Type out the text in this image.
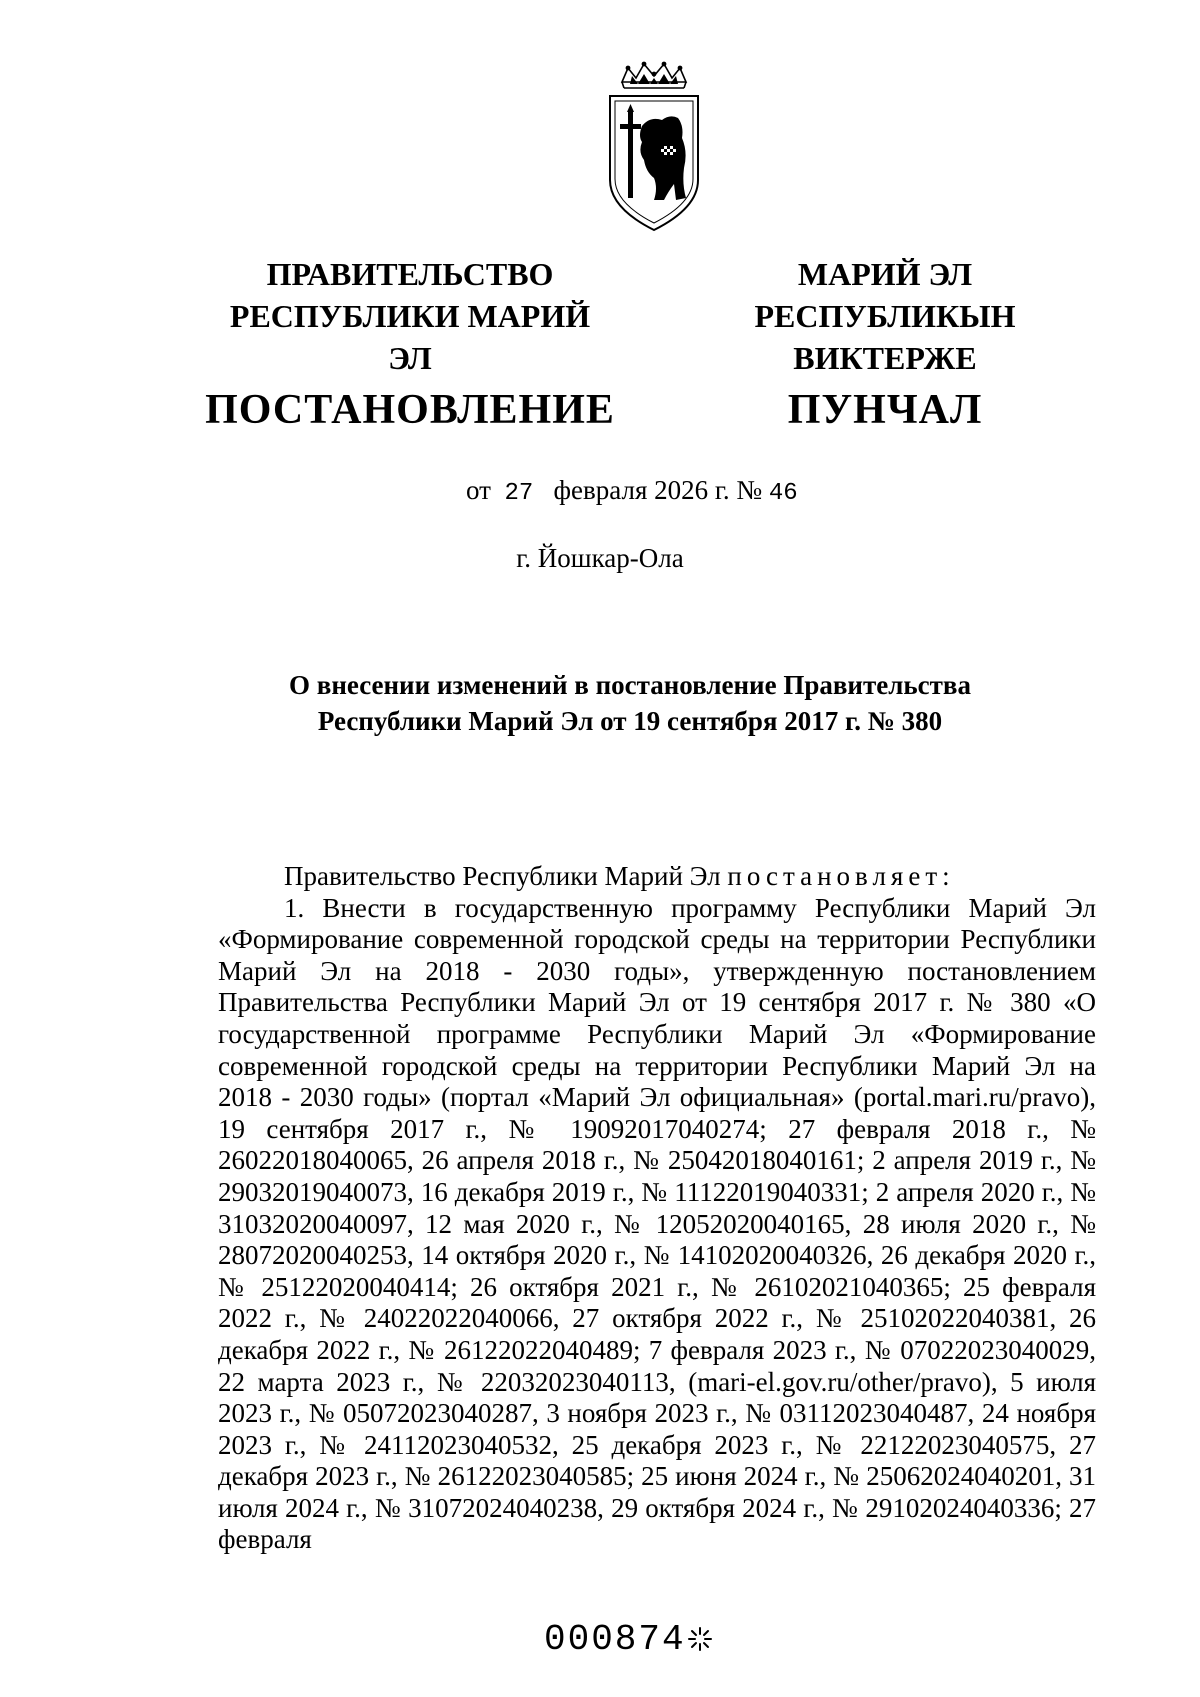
ПРАВИТЕЛЬСТВО
РЕСПУБЛИКИ МАРИЙ ЭЛ
ПОСТАНОВЛЕНИЕ
МАРИЙ ЭЛ РЕСПУБЛИКЫН
ВИКТЕРЖЕ
ПУНЧАЛ
от 27 февраля 2026 г. № 46
г. Йошкар-Ола
О внесении изменений в постановление Правительства
Республики Марий Эл от 19 сентября 2017 г. № 380

Правительство Республики Марий Эл постановляет:

1. Внести в государственную программу Республики Марий Эл «Формирование современной городской среды на территории Республики Марий Эл на 2018 - 2030 годы», утвержденную постановлением Правительства Республики Марий Эл от 19 сентября 2017 г. № 380 «О государственной программе Республики Марий Эл «Формирование современной городской среды на территории Республики Марий Эл на 2018 - 2030 годы» (портал «Марий Эл официальная» (portal.mari.ru/pravo), 19 сентября 2017 г., № 19092017040274; 27 февраля 2018 г., № 26022018040065, 26 апреля 2018 г., № 25042018040161; 2 апреля 2019 г., № 29032019040073, 16 декабря 2019 г., № 11122019040331; 2 апреля 2020 г., № 31032020040097, 12 мая 2020 г., № 12052020040165, 28 июля 2020 г., № 28072020040253, 14 октября 2020 г., № 14102020040326, 26 декабря 2020 г., № 25122020040414; 26 октября 2021 г., № 26102021040365; 25 февраля 2022 г., № 24022022040066, 27 октября 2022 г., № 25102022040381, 26 декабря 2022 г., № 26122022040489; 7 февраля 2023 г., № 07022023040029, 22 марта 2023 г., № 22032023040113, (mari-el.gov.ru/other/pravo), 5 июля 2023 г., № 05072023040287, 3 ноября 2023 г., № 03112023040487, 24 ноября 2023 г., № 24112023040532, 25 декабря 2023 г., № 22122023040575, 27 декабря 2023 г., № 26122023040585; 25 июня 2024 г., № 25062024040201, 31 июля 2024 г., № 31072024040238, 29 октября 2024 г., № 29102024040336; 27 февраля

000874
